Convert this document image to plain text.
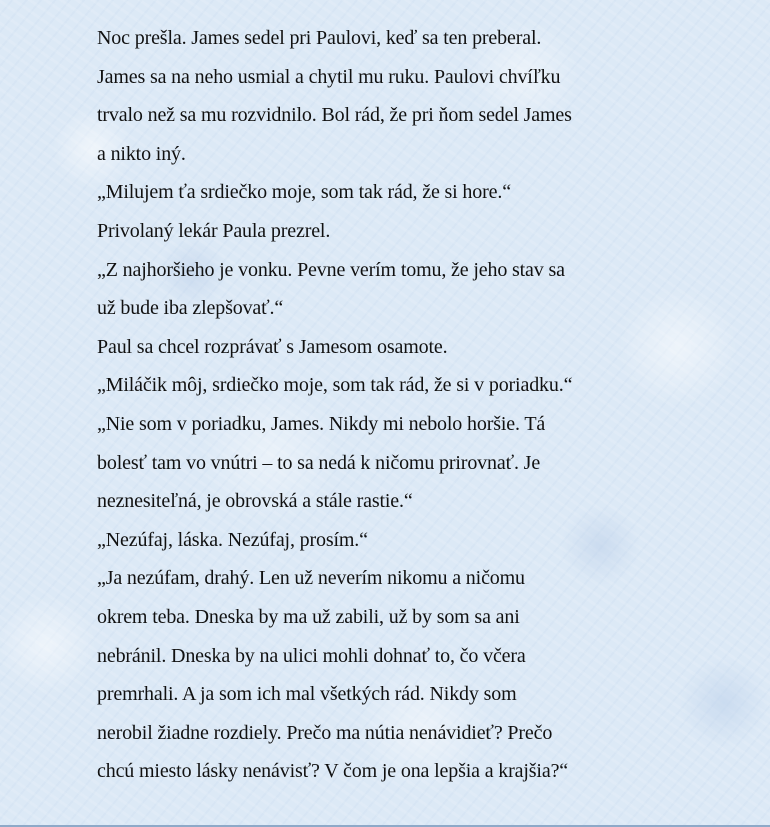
Noc prešla. James sedel pri Paulovi, keď sa ten preberal.
James sa na neho usmial a chytil mu ruku. Paulovi chvíľku
trvalo než sa mu rozvidnilo. Bol rád, že pri ňom sedel James
a nikto iný.
„Milujem ťa srdiečko moje, som tak rád, že si hore.“
Privolaný lekár Paula prezrel.
„Z najhoršieho je vonku. Pevne verím tomu, že jeho stav sa
už bude iba zlepšovať.“
Paul sa chcel rozprávať s Jamesom osamote.
„Miláčik môj, srdiečko moje, som tak rád, že si v poriadku.“
„Nie som v poriadku, James. Nikdy mi nebolo horšie. Tá
bolesť tam vo vnútri – to sa nedá k ničomu prirovnať. Je
neznesiteľná, je obrovská a stále rastie.“
„Nezúfaj, láska. Nezúfaj, prosím.“
„Ja nezúfam, drahý. Len už neverím nikomu a ničomu
okrem teba. Dneska by ma už zabili, už by som sa ani
nebránil. Dneska by na ulici mohli dohnať to, čo včera
premrhali. A ja som ich mal všetkých rád. Nikdy som
nerobil žiadne rozdiely. Prečo ma nútia nenávidieť? Prečo
chcú miesto lásky nenávisť? V čom je ona lepšia a krajšia?“
